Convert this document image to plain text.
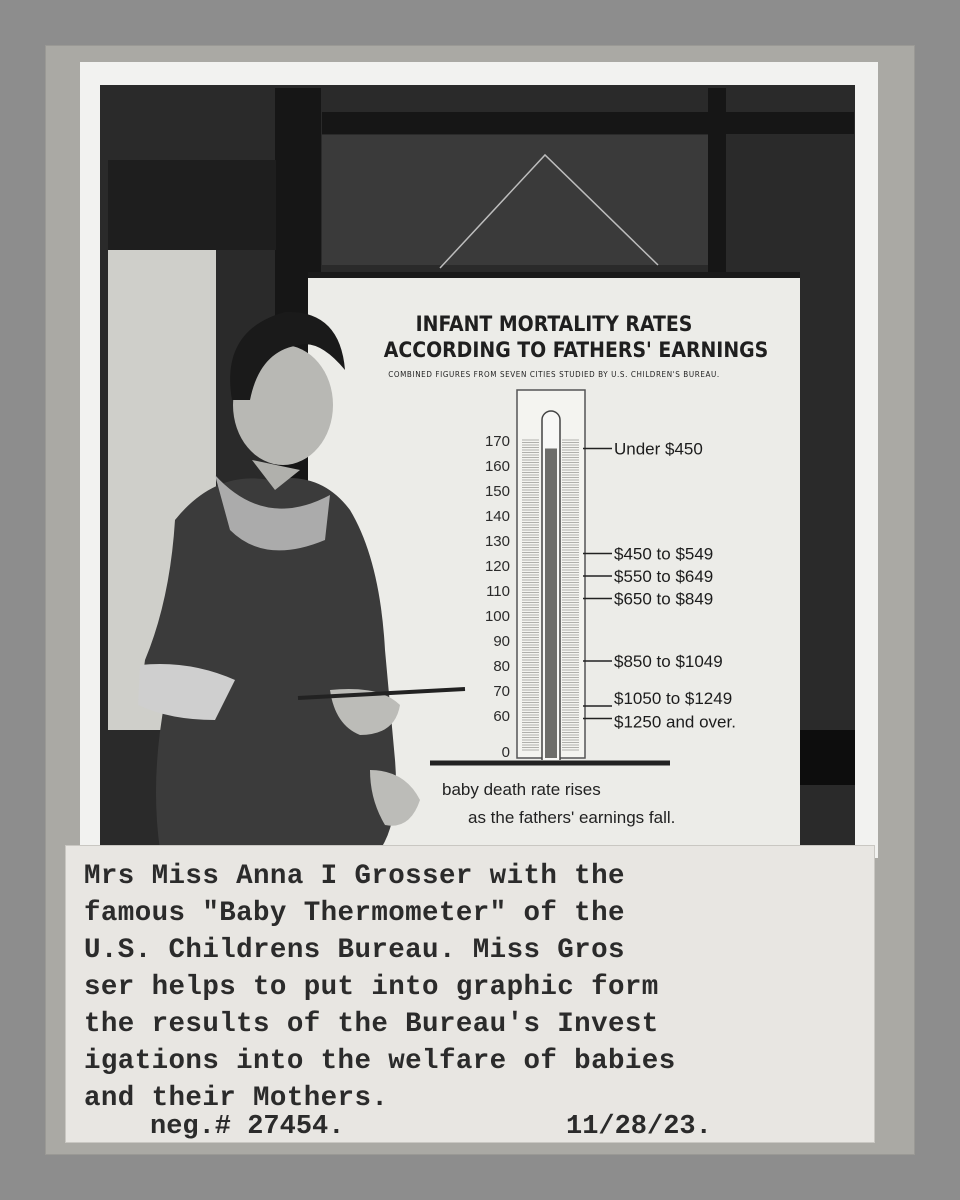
INFANT MORTALITY RATES
ACCORDING TO FATHERS' EARNINGS
COMBINED FIGURES FROM SEVEN CITIES STUDIED BY U.S. CHILDREN'S BUREAU.
170
160
150
140
130
120
110
100
90
80
70
60
0
Under $450
$450 to $549
$550 to $649
$650 to $849
$850 to $1049
$1050 to $1249
$1250 and over.
baby death rate rises
as the fathers' earnings fall.
Mrs Miss Anna I Grosser with the
famous "Baby Thermometer" of the
U.S. Childrens Bureau. Miss Gros
ser helps to put into graphic form
the results of the Bureau's Invest
igations into the welfare of babies
and their Mothers.
neg.# 27454.	11/28/23.
